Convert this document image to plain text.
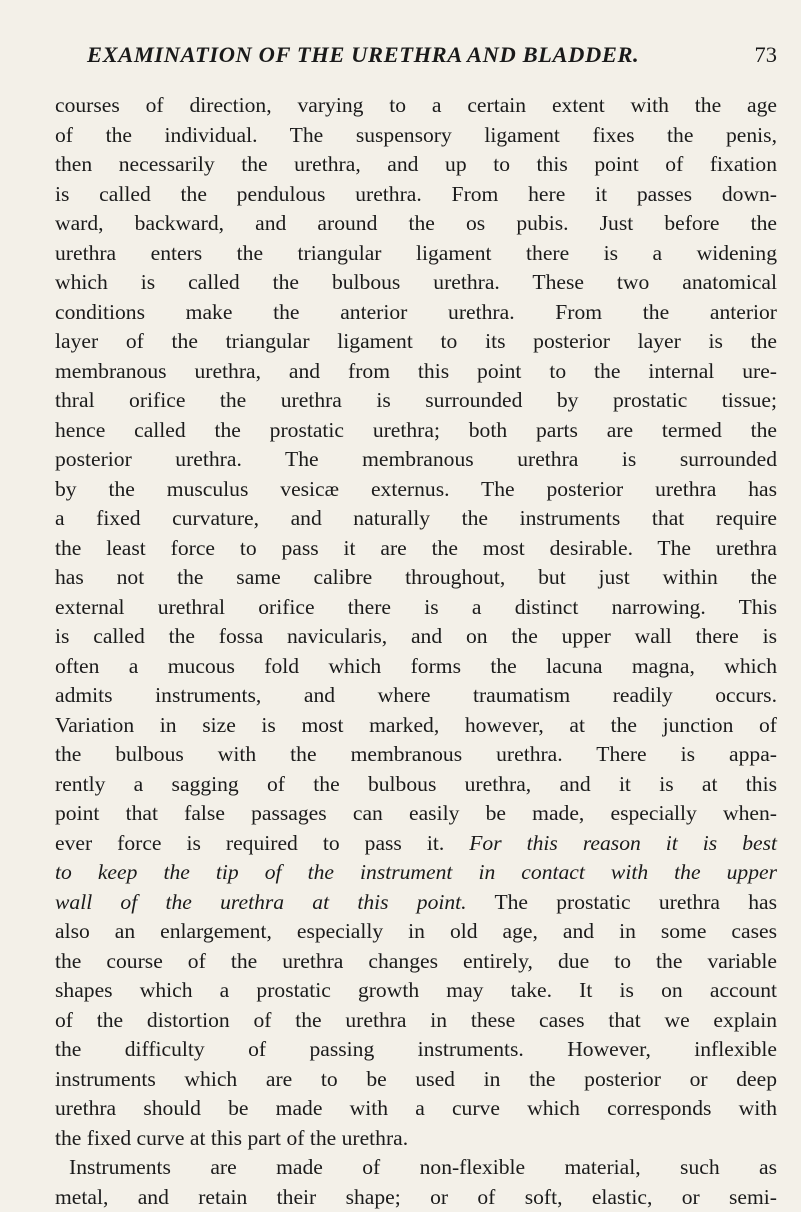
EXAMINATION OF THE URETHRA AND BLADDER.	73
courses of direction, varying to a certain extent with the age
of the individual. The suspensory ligament fixes the penis,
then necessarily the urethra, and up to this point of fixation
is called the pendulous urethra. From here it passes down-
ward, backward, and around the os pubis. Just before the
urethra enters the triangular ligament there is a widening
which is called the bulbous urethra. These two anatomical
conditions make the anterior urethra. From the anterior
layer of the triangular ligament to its posterior layer is the
membranous urethra, and from this point to the internal ure-
thral orifice the urethra is surrounded by prostatic tissue;
hence called the prostatic urethra; both parts are termed the
posterior urethra. The membranous urethra is surrounded
by the musculus vesicæ externus. The posterior urethra has
a fixed curvature, and naturally the instruments that require
the least force to pass it are the most desirable. The urethra
has not the same calibre throughout, but just within the
external urethral orifice there is a distinct narrowing. This
is called the fossa navicularis, and on the upper wall there is
often a mucous fold which forms the lacuna magna, which
admits instruments, and where traumatism readily occurs.
Variation in size is most marked, however, at the junction of
the bulbous with the membranous urethra. There is appa-
rently a sagging of the bulbous urethra, and it is at this
point that false passages can easily be made, especially when-
ever force is required to pass it. For this reason it is best
to keep the tip of the instrument in contact with the upper
wall of the urethra at this point. The prostatic urethra has
also an enlargement, especially in old age, and in some cases
the course of the urethra changes entirely, due to the variable
shapes which a prostatic growth may take. It is on account
of the distortion of the urethra in these cases that we explain
the difficulty of passing instruments. However, inflexible
instruments which are to be used in the posterior or deep
urethra should be made with a curve which corresponds with
the fixed curve at this part of the urethra.
Instruments are made of non-flexible material, such as
metal, and retain their shape; or of soft, elastic, or semi-
